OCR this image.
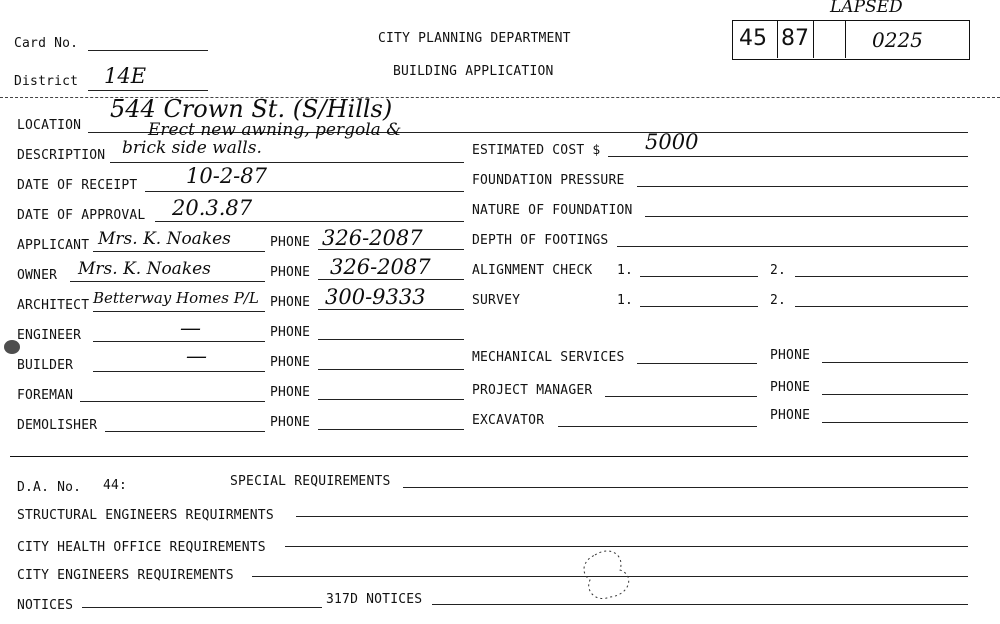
Card No.
District 14E
CITY PLANNING DEPARTMENT
BUILDING APPLICATION
45 87	0225
LAPSED
LOCATION
544 Crown St. (S/Hills)
DESCRIPTION
Erect new awning, pergola &
brick side walls.	ESTIMATED COST $ 5000
DATE OF RECEIPT 10-2-87	FOUNDATION PRESSURE
DATE OF APPROVAL 20.3.87	NATURE OF FOUNDATION
APPLICANT Mrs. K. Noakes	PHONE 326-2087	DEPTH OF FOOTINGS
OWNER Mrs. K. Noakes	PHONE 326-2087	ALIGNMENT CHECK 1.	2.
ARCHITECT Betterway Homes P/L PHONE 300-9333	SURVEY	1.	2.
ENGINEER	—	PHONE
BUILDER	—	PHONE	MECHANICAL SERVICES	PHONE
FOREMAN	PHONE	PROJECT MANAGER	PHONE
DEMOLISHER	PHONE	EXCAVATOR	PHONE
D.A. No. 44:	SPECIAL REQUIREMENTS
STRUCTURAL ENGINEERS REQUIRMENTS
CITY HEALTH OFFICE REQUIREMENTS
CITY ENGINEERS REQUIREMENTS
NOTICES	317D NOTICES
